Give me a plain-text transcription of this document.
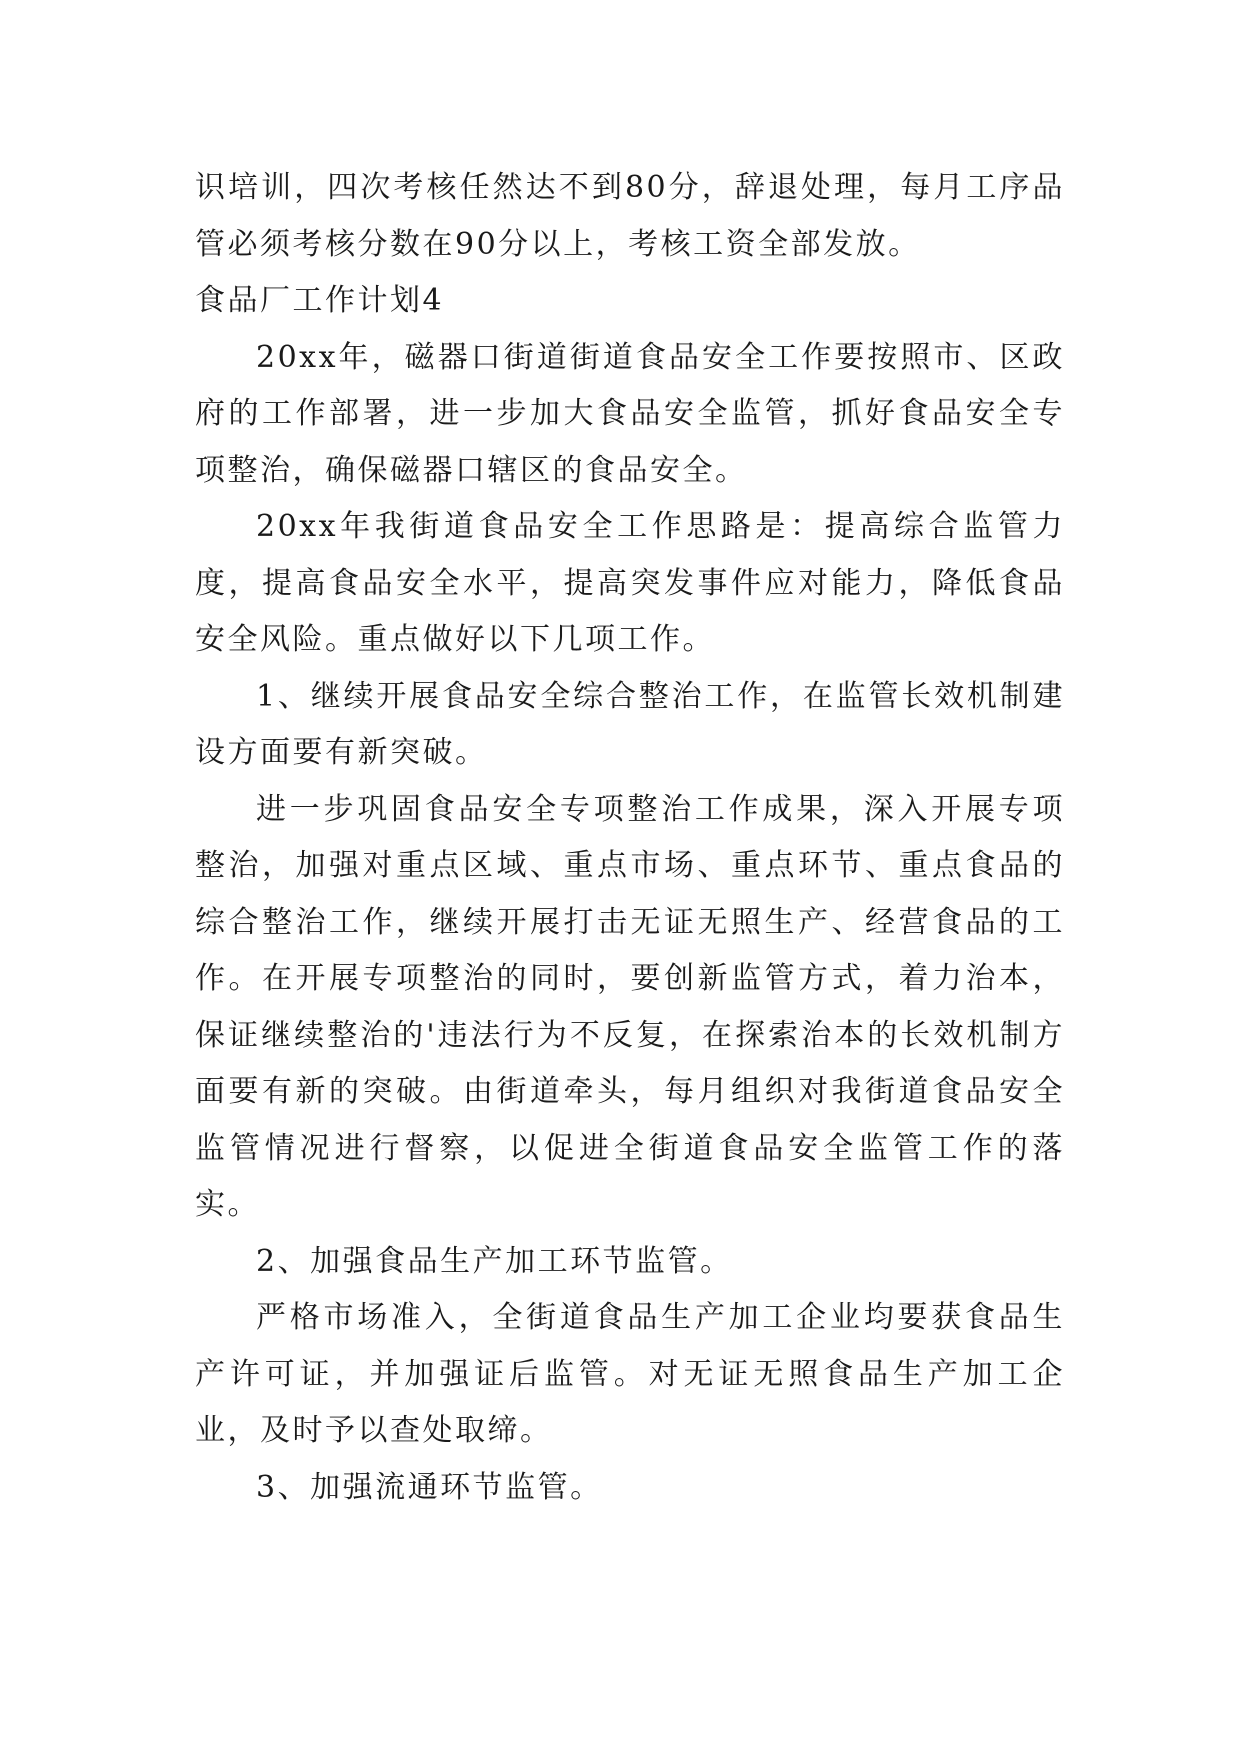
识培训，四次考核任然达不到80分，辞退处理，每月工序品管必须考核分数在90分以上，考核工资全部发放。

食品厂工作计划4

20xx年，磁器口街道街道食品安全工作要按照市、区政府的工作部署，进一步加大食品安全监管，抓好食品安全专项整治，确保磁器口辖区的食品安全。

20xx年我街道食品安全工作思路是：提高综合监管力度，提高食品安全水平，提高突发事件应对能力，降低食品安全风险。重点做好以下几项工作。

1、继续开展食品安全综合整治工作，在监管长效机制建设方面要有新突破。

进一步巩固食品安全专项整治工作成果，深入开展专项整治，加强对重点区域、重点市场、重点环节、重点食品的综合整治工作，继续开展打击无证无照生产、经营食品的工作。在开展专项整治的同时，要创新监管方式，着力治本，保证继续整治的'违法行为不反复，在探索治本的长效机制方面要有新的突破。由街道牵头，每月组织对我街道食品安全监管情况进行督察，以促进全街道食品安全监管工作的落实。

2、加强食品生产加工环节监管。

严格市场准入，全街道食品生产加工企业均要获食品生产许可证，并加强证后监管。对无证无照食品生产加工企业，及时予以查处取缔。

3、加强流通环节监管。
